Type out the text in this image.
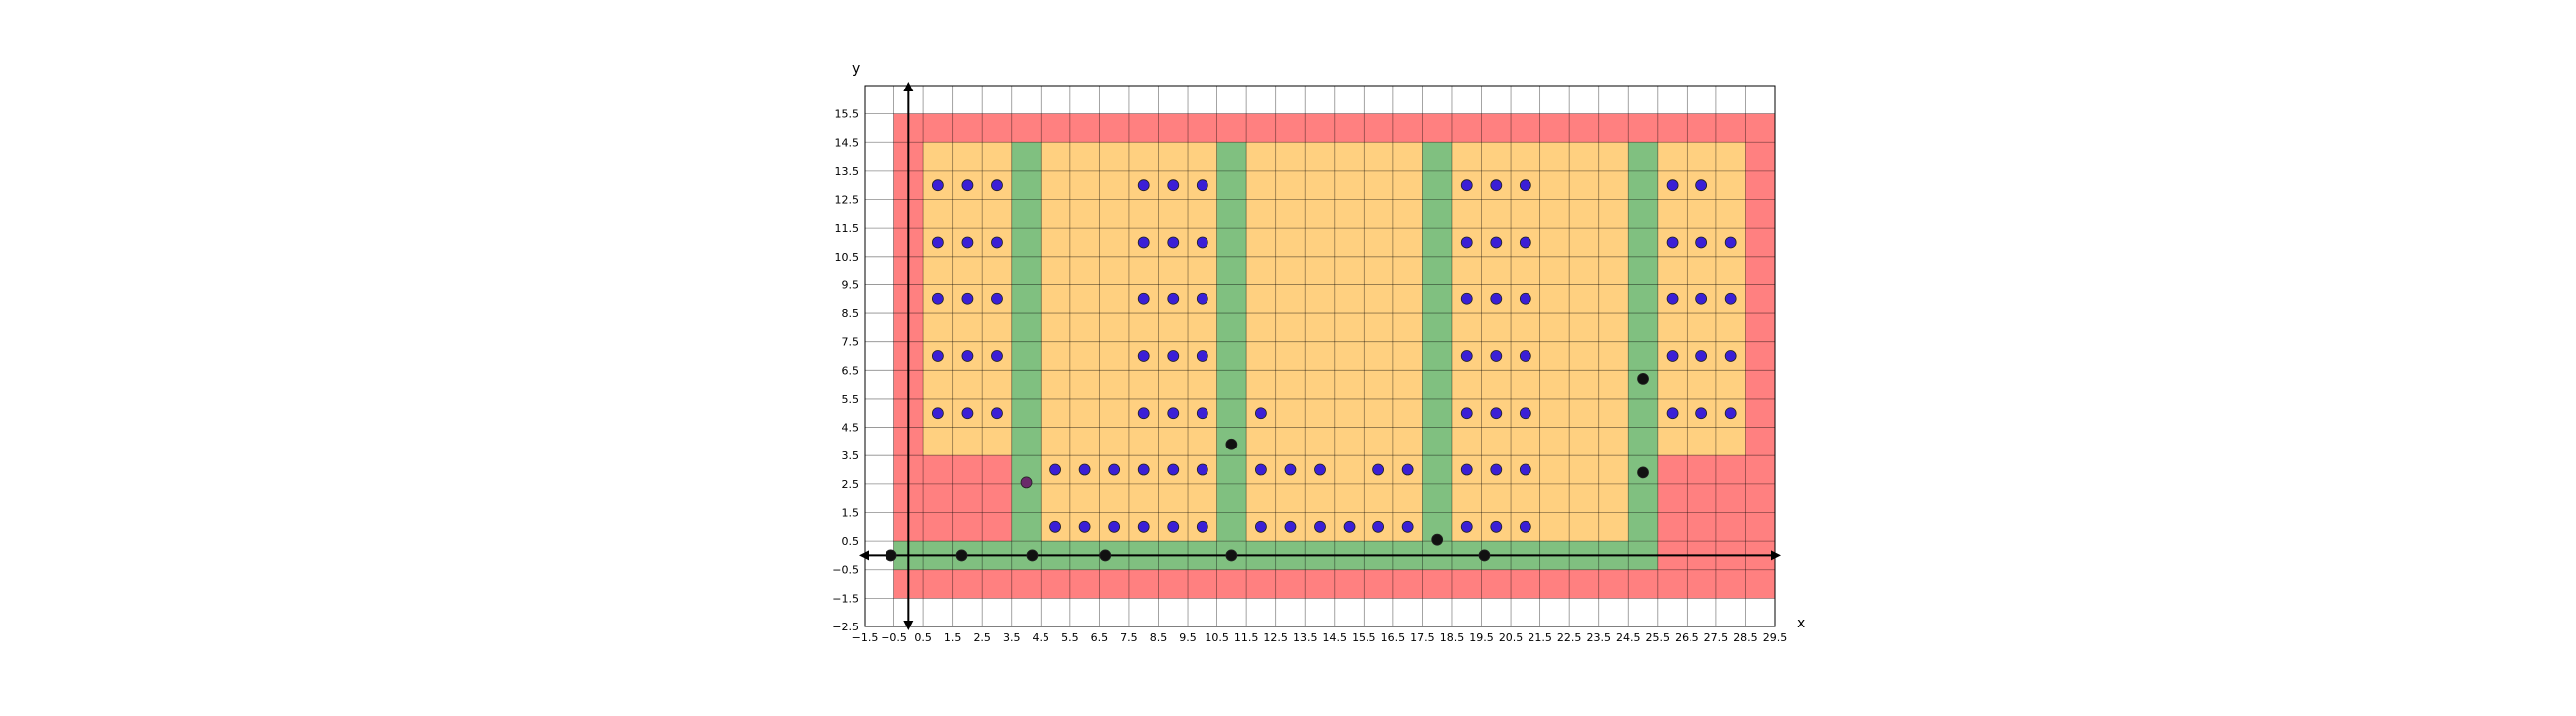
−1.5 −0.5 0.5 1.5 2.5 3.5 4.5 5.5 6.5 7.5 8.5 9.5 10.5 11.5 12.5 13.5 14.5 15.5 16.5 17.5 18.5 19.5 20.5 21.5 22.5 23.5 24.5 25.5 26.5 27.5 28.5 29.5
−2.5
−1.5
−0.5
0.5
1.5
2.5
3.5
4.5
5.5
6.5
7.5
8.5
9.5
10.5
11.5
12.5
13.5
14.5
15.5
x
y
